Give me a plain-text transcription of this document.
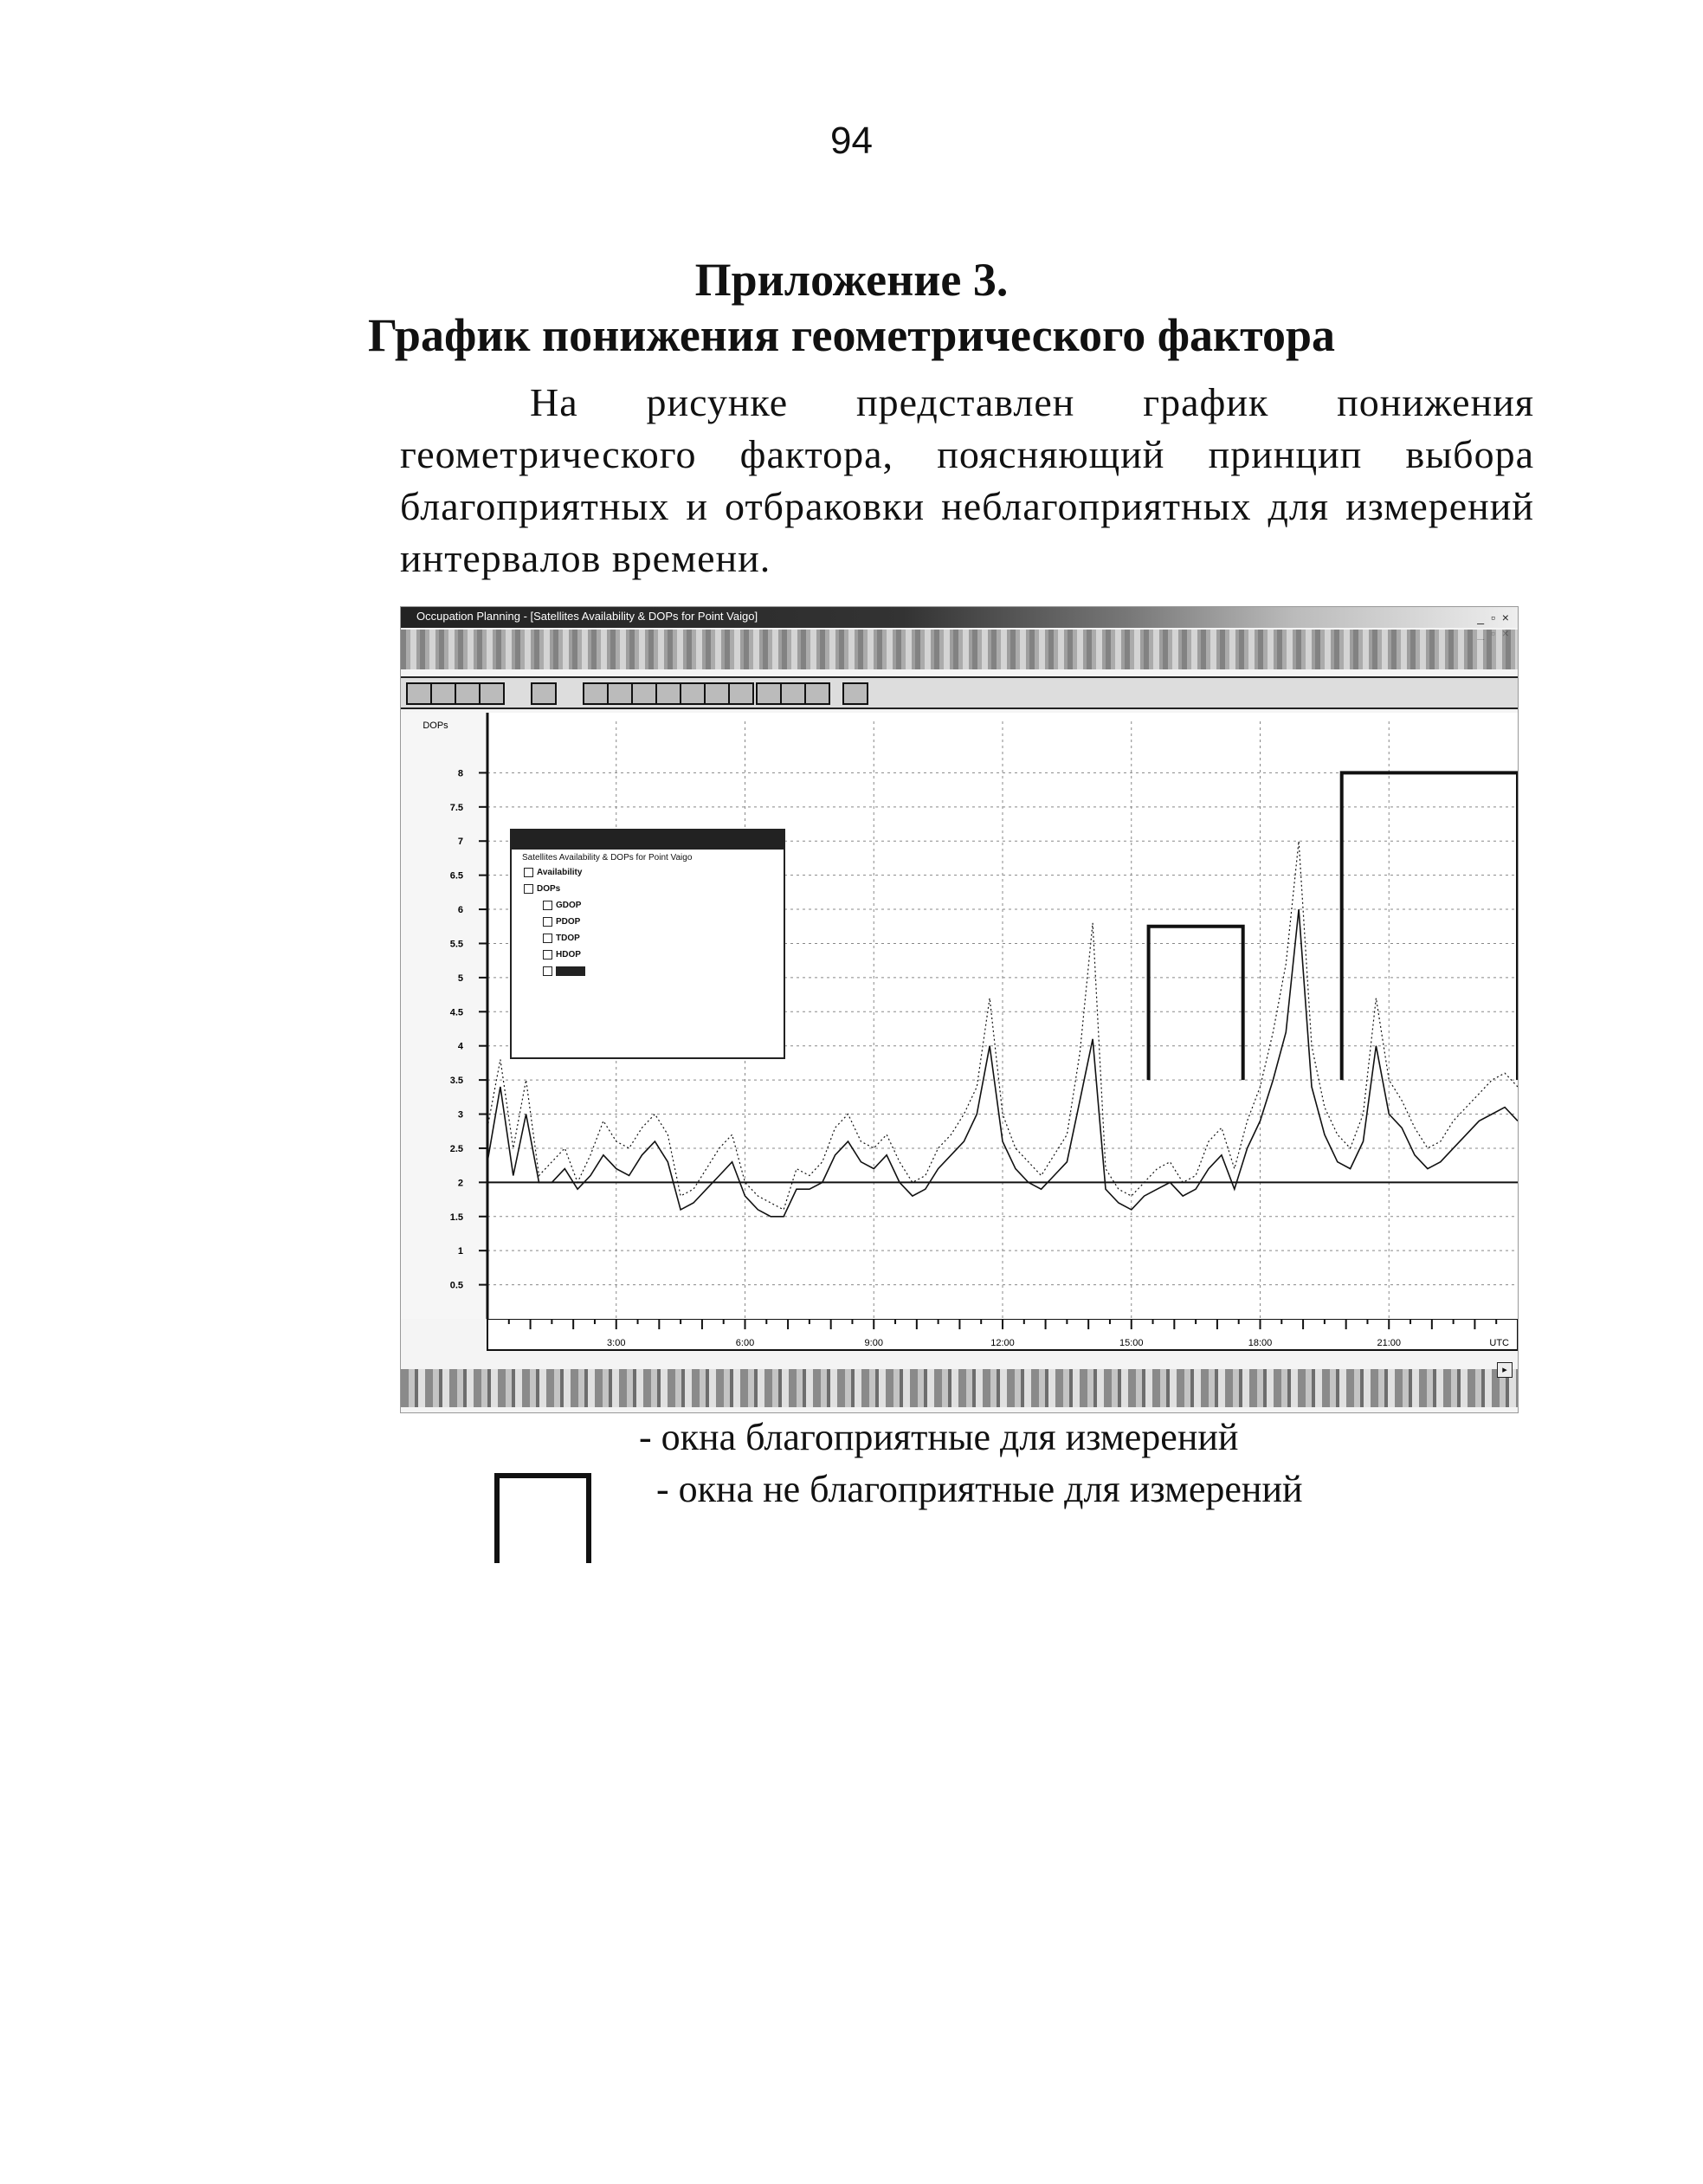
94
Приложение 3.
График понижения геометрического фактора
На рисунке представлен график понижения геометрического фактора, поясняющий принцип выбора благоприятных и отбраковки неблагоприятных для измерений интервалов времени.
Occupation Planning - [Satellites Availability & DOPs for Point Vaigo]	_ ▫ ×
DOPs
8
7.5
7
6.5
6
5.5
5
4.5
4
3.5
3
2.5
2
1.5
1
0.5
Satellites Availability & DOPs for Point Vaigo
Availability
DOPs
GDOP
PDOP
TDOP
HDOP
VDOP
3:00	6:00	9:00	12:00	15:00	18:00	21:00	UTC
▸
- окна благоприятные для измерений
- окна не благоприятные для измерений
